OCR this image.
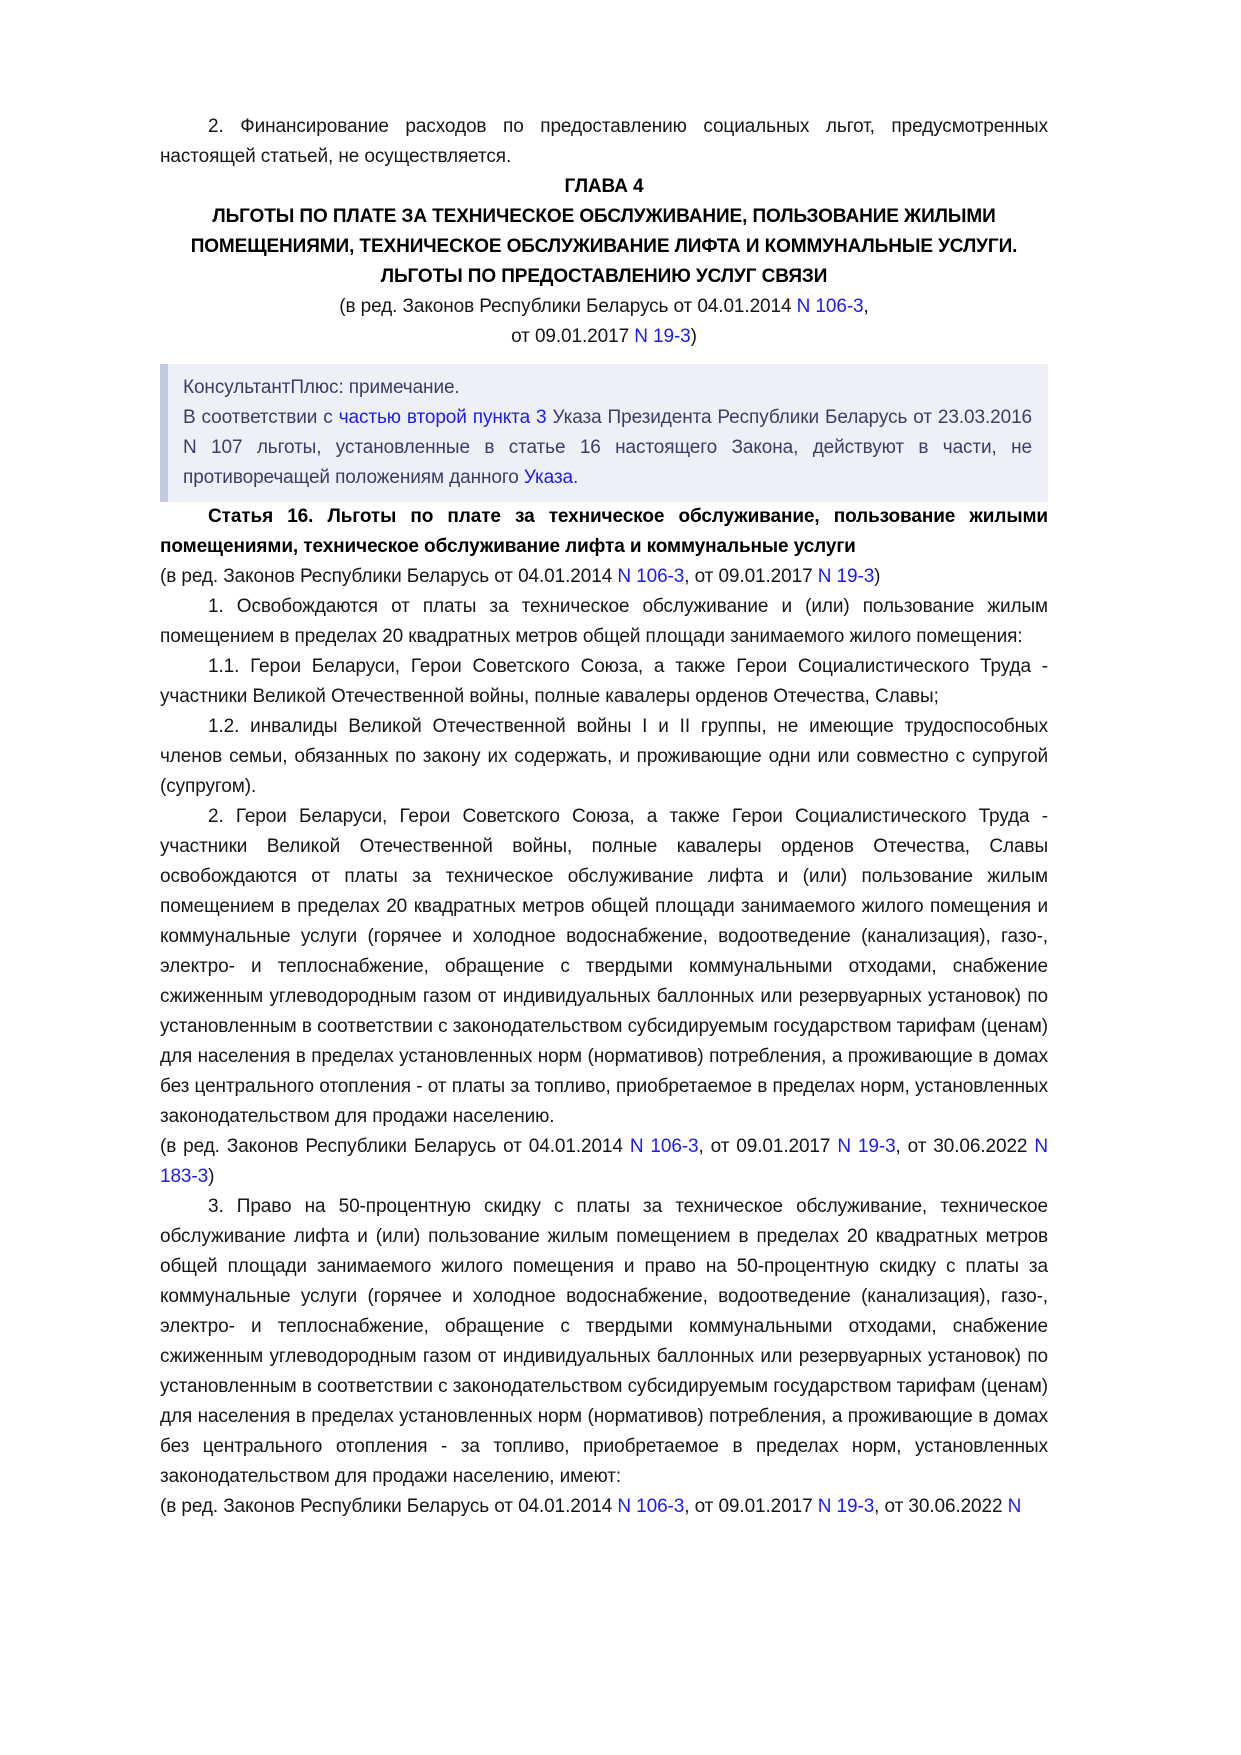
2. Финансирование расходов по предоставлению социальных льгот, предусмотренных настоящей статьей, не осуществляется.

ГЛАВА 4
ЛЬГОТЫ ПО ПЛАТЕ ЗА ТЕХНИЧЕСКОЕ ОБСЛУЖИВАНИЕ, ПОЛЬЗОВАНИЕ ЖИЛЫМИ ПОМЕЩЕНИЯМИ, ТЕХНИЧЕСКОЕ ОБСЛУЖИВАНИЕ ЛИФТА И КОММУНАЛЬНЫЕ УСЛУГИ. ЛЬГОТЫ ПО ПРЕДОСТАВЛЕНИЮ УСЛУГ СВЯЗИ
(в ред. Законов Республики Беларусь от 04.01.2014 N 106-3,
от 09.01.2017 N 19-3)

КонсультантПлюс: примечание.

В соответствии с частью второй пункта 3 Указа Президента Республики Беларусь от 23.03.2016 N 107 льготы, установленные в статье 16 настоящего Закона, действуют в части, не противоречащей положениям данного Указа.

Статья 16. Льготы по плате за техническое обслуживание, пользование жилыми помещениями, техническое обслуживание лифта и коммунальные услуги

(в ред. Законов Республики Беларусь от 04.01.2014 N 106-3, от 09.01.2017 N 19-3)

1. Освобождаются от платы за техническое обслуживание и (или) пользование жилым помещением в пределах 20 квадратных метров общей площади занимаемого жилого помещения:

1.1. Герои Беларуси, Герои Советского Союза, а также Герои Социалистического Труда - участники Великой Отечественной войны, полные кавалеры орденов Отечества, Славы;

1.2. инвалиды Великой Отечественной войны I и II группы, не имеющие трудоспособных членов семьи, обязанных по закону их содержать, и проживающие одни или совместно с супругой (супругом).

2. Герои Беларуси, Герои Советского Союза, а также Герои Социалистического Труда - участники Великой Отечественной войны, полные кавалеры орденов Отечества, Славы освобождаются от платы за техническое обслуживание лифта и (или) пользование жилым помещением в пределах 20 квадратных метров общей площади занимаемого жилого помещения и коммунальные услуги (горячее и холодное водоснабжение, водоотведение (канализация), газо-, электро- и теплоснабжение, обращение с твердыми коммунальными отходами, снабжение сжиженным углеводородным газом от индивидуальных баллонных или резервуарных установок) по установленным в соответствии с законодательством субсидируемым государством тарифам (ценам) для населения в пределах установленных норм (нормативов) потребления, а проживающие в домах без центрального отопления - от платы за топливо, приобретаемое в пределах норм, установленных законодательством для продажи населению.

(в ред. Законов Республики Беларусь от 04.01.2014 N 106-3, от 09.01.2017 N 19-3, от 30.06.2022 N 183-3)

3. Право на 50-процентную скидку с платы за техническое обслуживание, техническое обслуживание лифта и (или) пользование жилым помещением в пределах 20 квадратных метров общей площади занимаемого жилого помещения и право на 50-процентную скидку с платы за коммунальные услуги (горячее и холодное водоснабжение, водоотведение (канализация), газо-, электро- и теплоснабжение, обращение с твердыми коммунальными отходами, снабжение сжиженным углеводородным газом от индивидуальных баллонных или резервуарных установок) по установленным в соответствии с законодательством субсидируемым государством тарифам (ценам) для населения в пределах установленных норм (нормативов) потребления, а проживающие в домах без центрального отопления - за топливо, приобретаемое в пределах норм, установленных законодательством для продажи населению, имеют:

(в ред. Законов Республики Беларусь от 04.01.2014 N 106-3, от 09.01.2017 N 19-3, от 30.06.2022 N
